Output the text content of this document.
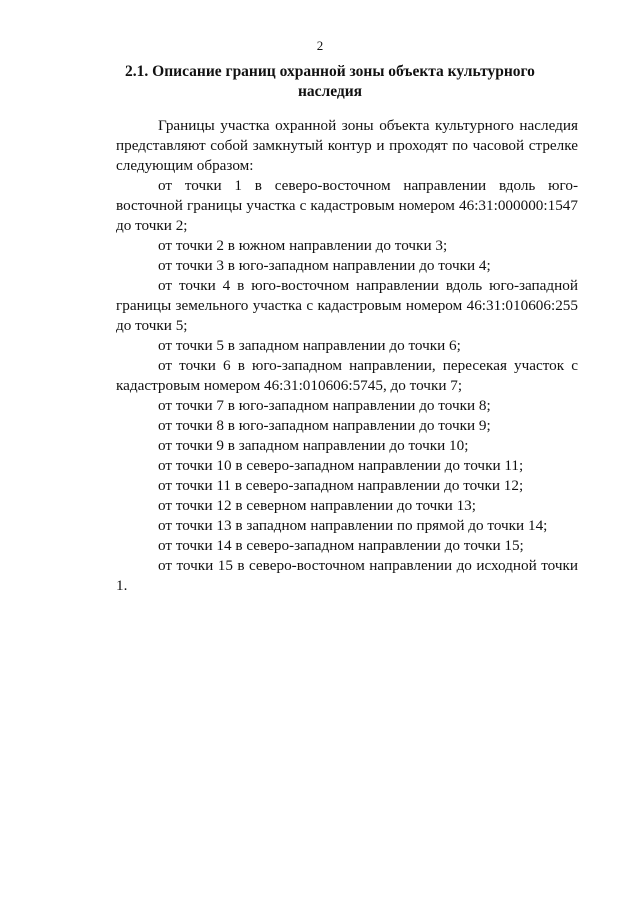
2
2.1. Описание границ охранной зоны объекта культурного наследия

Границы участка охранной зоны объекта культурного наследия представляют собой замкнутый контур и проходят по часовой стрелке следующим образом:

от точки 1 в северо-восточном направлении вдоль юго-восточной границы участка с кадастровым номером 46:31:000000:1547 до точки 2;

от точки 2 в южном направлении до точки 3;

от точки 3 в юго-западном направлении до точки 4;

от точки 4 в юго-восточном направлении вдоль юго-западной границы земельного участка с кадастровым номером 46:31:010606:255 до точки 5;

от точки 5 в западном направлении до точки 6;

от точки 6 в юго-западном направлении, пересекая участок с кадастровым номером 46:31:010606:5745, до точки 7;

от точки 7 в юго-западном направлении до точки 8;

от точки 8 в юго-западном направлении до точки 9;

от точки 9 в западном направлении до точки 10;

от точки 10 в северо-западном направлении до точки 11;

от точки 11 в северо-западном направлении до точки 12;

от точки 12 в северном направлении до точки 13;

от точки 13 в западном направлении по прямой до точки 14;

от точки 14 в северо-западном направлении до точки 15;

от точки 15 в северо-восточном направлении до исходной точки 1.
